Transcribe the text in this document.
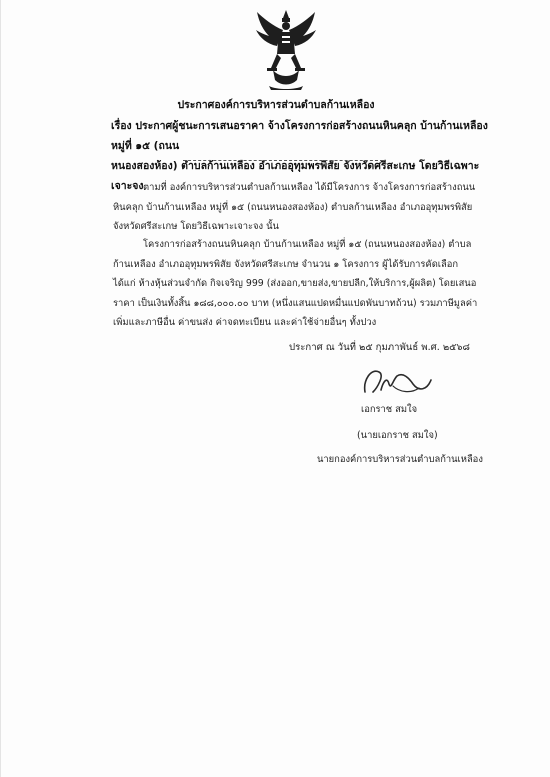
ประกาศองค์การบริหารส่วนตำบลก้านเหลือง
เรื่อง ประกาศผู้ชนะการเสนอราคา จ้างโครงการก่อสร้างถนนหินคลุก บ้านก้านเหลือง หมู่ที่ ๑๕ (ถนน
หนองสองห้อง) ตำบลก้านเหลือง อำเภออุทุมพรพิสัย จังหวัดศรีสะเกษ โดยวิธีเฉพาะเจาะจง ตามที่ องค์การบริหารส่วนตำบลก้านเหลือง ได้มีโครงการ จ้างโครงการก่อสร้างถนนหินคลุก บ้านก้านเหลือง หมู่ที่ ๑๕ (ถนนหนองสองห้อง) ตำบลก้านเหลือง อำเภออุทุมพรพิสัย จังหวัดศรีสะเกษ โดยวิธีเฉพาะเจาะจง นั้น
โครงการก่อสร้างถนนหินคลุก บ้านก้านเหลือง หมู่ที่ ๑๕ (ถนนหนองสองห้อง) ตำบลก้านเหลือง อำเภออุทุมพรพิสัย จังหวัดศรีสะเกษ จำนวน ๑ โครงการ ผู้ได้รับการคัดเลือก ได้แก่ ห้างหุ้นส่วนจำกัด กิจเจริญ 999 (ส่งออก,ขายส่ง,ขายปลีก,ให้บริการ,ผู้ผลิต) โดยเสนอราคา เป็นเงินทั้งสิ้น ๑๘๘,๐๐๐.๐๐ บาท (หนึ่งแสนแปดหมื่นแปดพันบาทถ้วน) รวมภาษีมูลค่าเพิ่มและภาษีอื่น ค่าขนส่ง ค่าจดทะเบียน และค่าใช้จ่ายอื่นๆ ทั้งปวง
ประกาศ ณ วันที่ ๒๕ กุมภาพันธ์ พ.ศ. ๒๕๖๘
เอกราช สมใจ
(นายเอกราช สมใจ)
นายกองค์การบริหารส่วนตำบลก้านเหลือง
